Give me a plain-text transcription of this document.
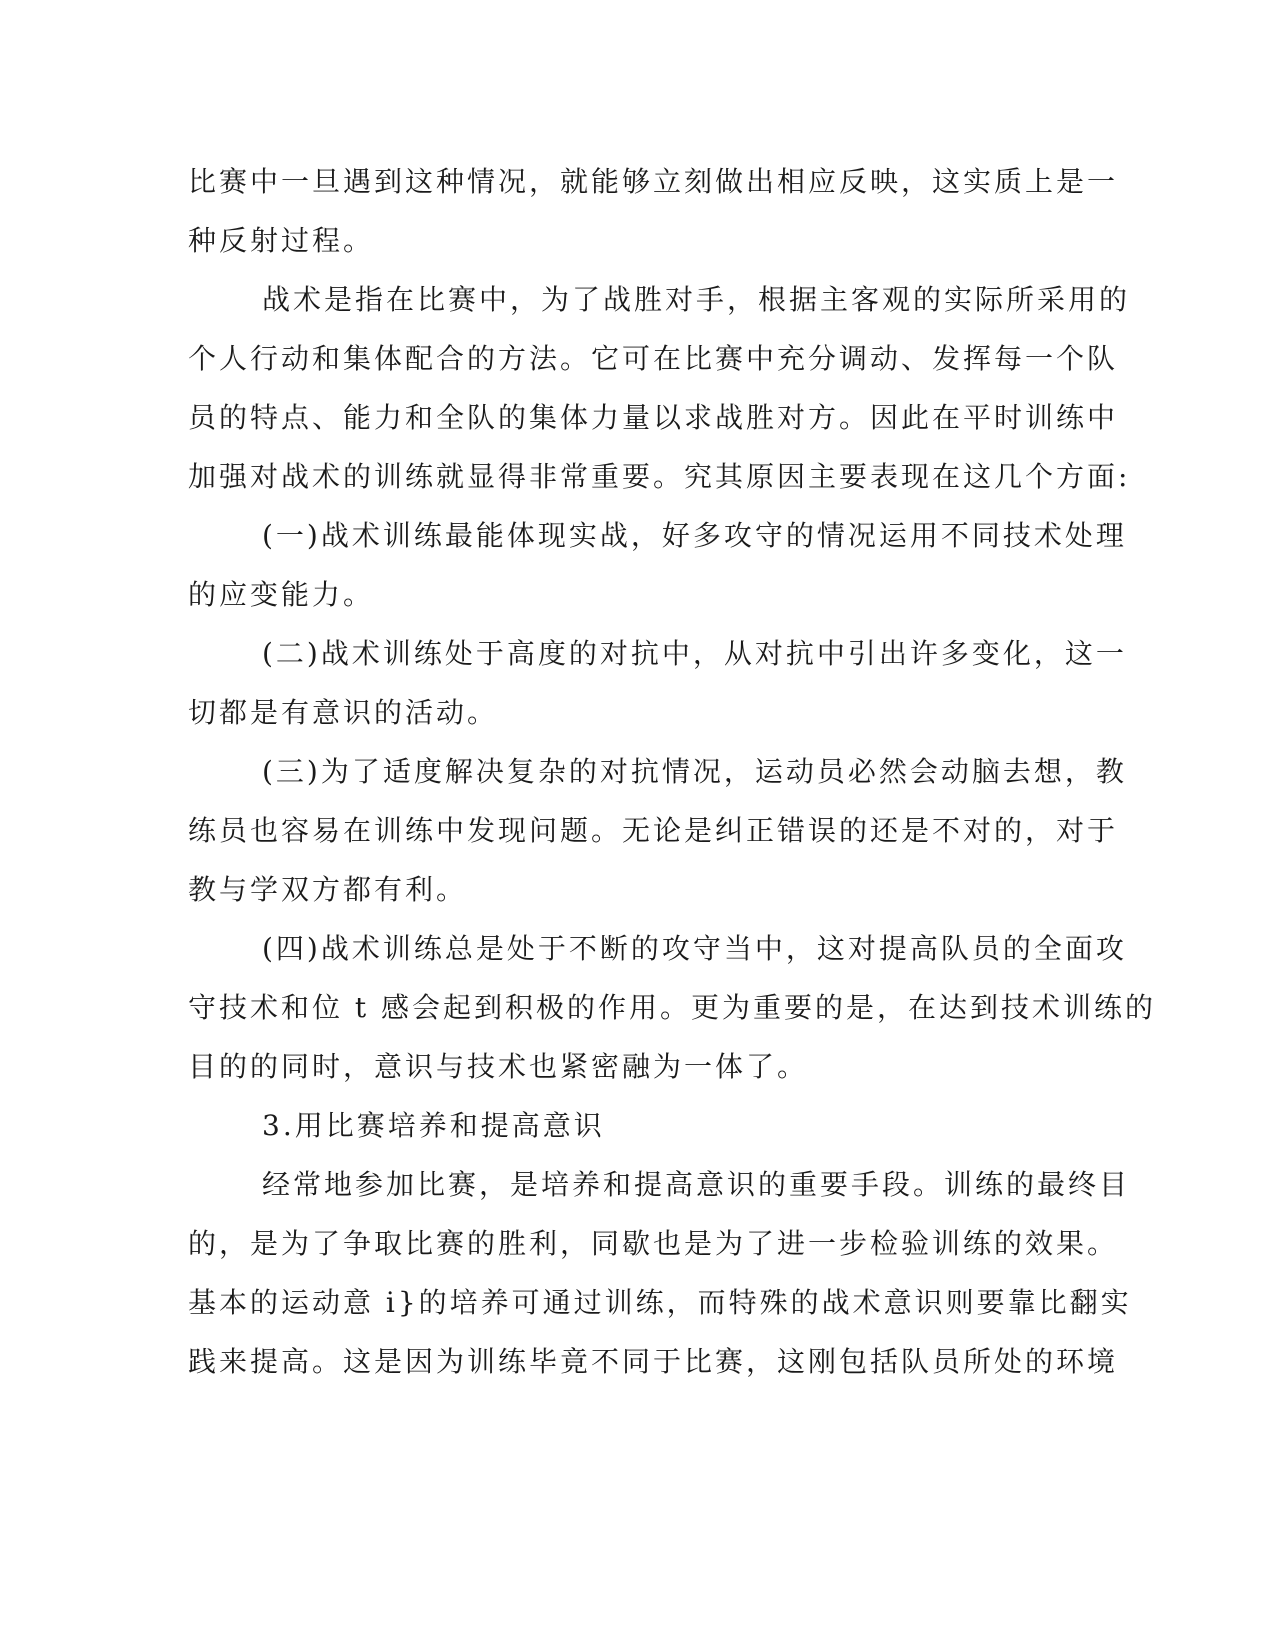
比赛中一旦遇到这种情况，就能够立刻做出相应反映，这实质上是一
种反射过程。
战术是指在比赛中，为了战胜对手，根据主客观的实际所采用的
个人行动和集体配合的方法。它可在比赛中充分调动、发挥每一个队
员的特点、能力和全队的集体力量以求战胜对方。因此在平时训练中
加强对战术的训练就显得非常重要。究其原因主要表现在这几个方面:
(一)战术训练最能体现实战，好多攻守的情况运用不同技术处理
的应变能力。
(二)战术训练处于高度的对抗中，从对抗中引出许多变化，这一
切都是有意识的活动。
(三)为了适度解决复杂的对抗情况，运动员必然会动脑去想，教
练员也容易在训练中发现问题。无论是纠正错误的还是不对的，对于
教与学双方都有利。
(四)战术训练总是处于不断的攻守当中，这对提高队员的全面攻
守技术和位 t 感会起到积极的作用。更为重要的是，在达到技术训练的
目的的同时，意识与技术也紧密融为一体了。
3.用比赛培养和提高意识
经常地参加比赛，是培养和提高意识的重要手段。训练的最终目
的，是为了争取比赛的胜利，同歇也是为了进一步检验训练的效果。
基本的运动意 i}的培养可通过训练，而特殊的战术意识则要靠比翻实
践来提高。这是因为训练毕竟不同于比赛，这刚包括队员所处的环境
